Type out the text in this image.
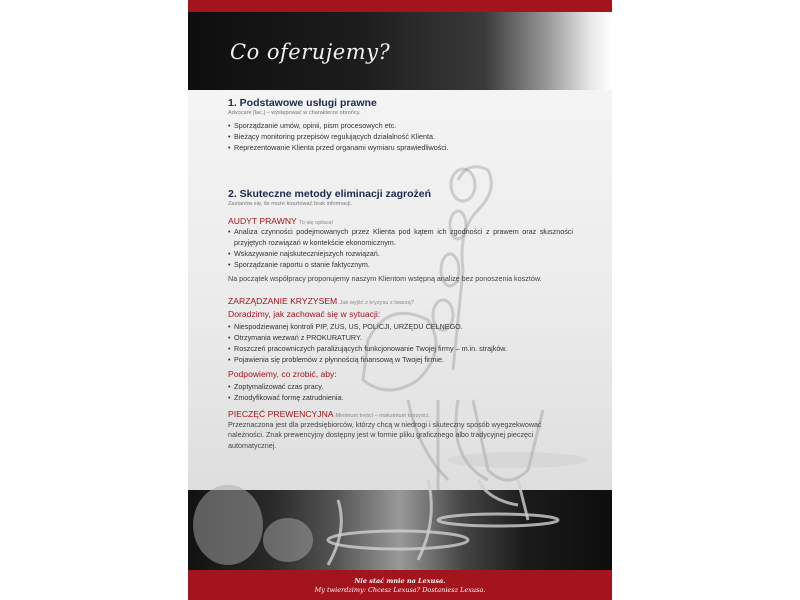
Co oferujemy?
1. Podstawowe usługi prawne
Advocare [łac.] – występować w charakterze obrońcy.
• Sporządzanie umów, opinii, pism procesowych etc.
• Bieżący monitoring przepisów regulujących działalność Klienta.
• Reprezentowanie Klienta przed organami wymiaru sprawiedliwości.
2. Skuteczne metody eliminacji zagrożeń
Zastanów się, ile może kosztować brak informacji.
AUDYT PRAWNY To się opłaca!
• Analiza czynności podejmowanych przez Klienta pod kątem ich zgodności z prawem oraz słuszności przyjętych rozwiązań w kontekście ekonomicznym.
• Wskazywanie najskuteczniejszych rozwiązań.
• Sporządzanie raportu o stanie faktycznym.
Na początek współpracy proponujemy naszym Klientom wstępną analizę bez ponoszenia kosztów.
ZARZĄDZANIE KRYZYSEM Jak wyjść z kryzysu z twarzą?
Doradzimy, jak zachować się w sytuacji:
• Niespodziewanej kontroli PIP, ZUS, US, POLICJI, URZĘDU CELNEGO.
• Otrzymania wezwań z PROKURATURY.
• Roszczeń pracowniczych paraliżujących funkcjonowanie Twojej firmy – m.in. strajków.
• Pojawienia się problemów z płynnością finansową w Twojej firmie.
Podpowiemy, co zrobić, aby:
• Zoptymalizować czas pracy.
• Zmodyfikować formę zatrudnienia.
PIECZĘĆ PREWENCYJNA Minimum treści – maksimum korzyści.
Przeznaczona jest dla przedsiębiorców, którzy chcą w niedrogi i skuteczny sposób wyegzekwować należności. Znak prewencyjny dostępny jest w formie pliku graficznego albo tradycyjnej pieczęci automatycznej.
Nie stać mnie na Lexusa.
My twierdzimy: Chcesz Lexusa? Dostaniesz Lexusa.
